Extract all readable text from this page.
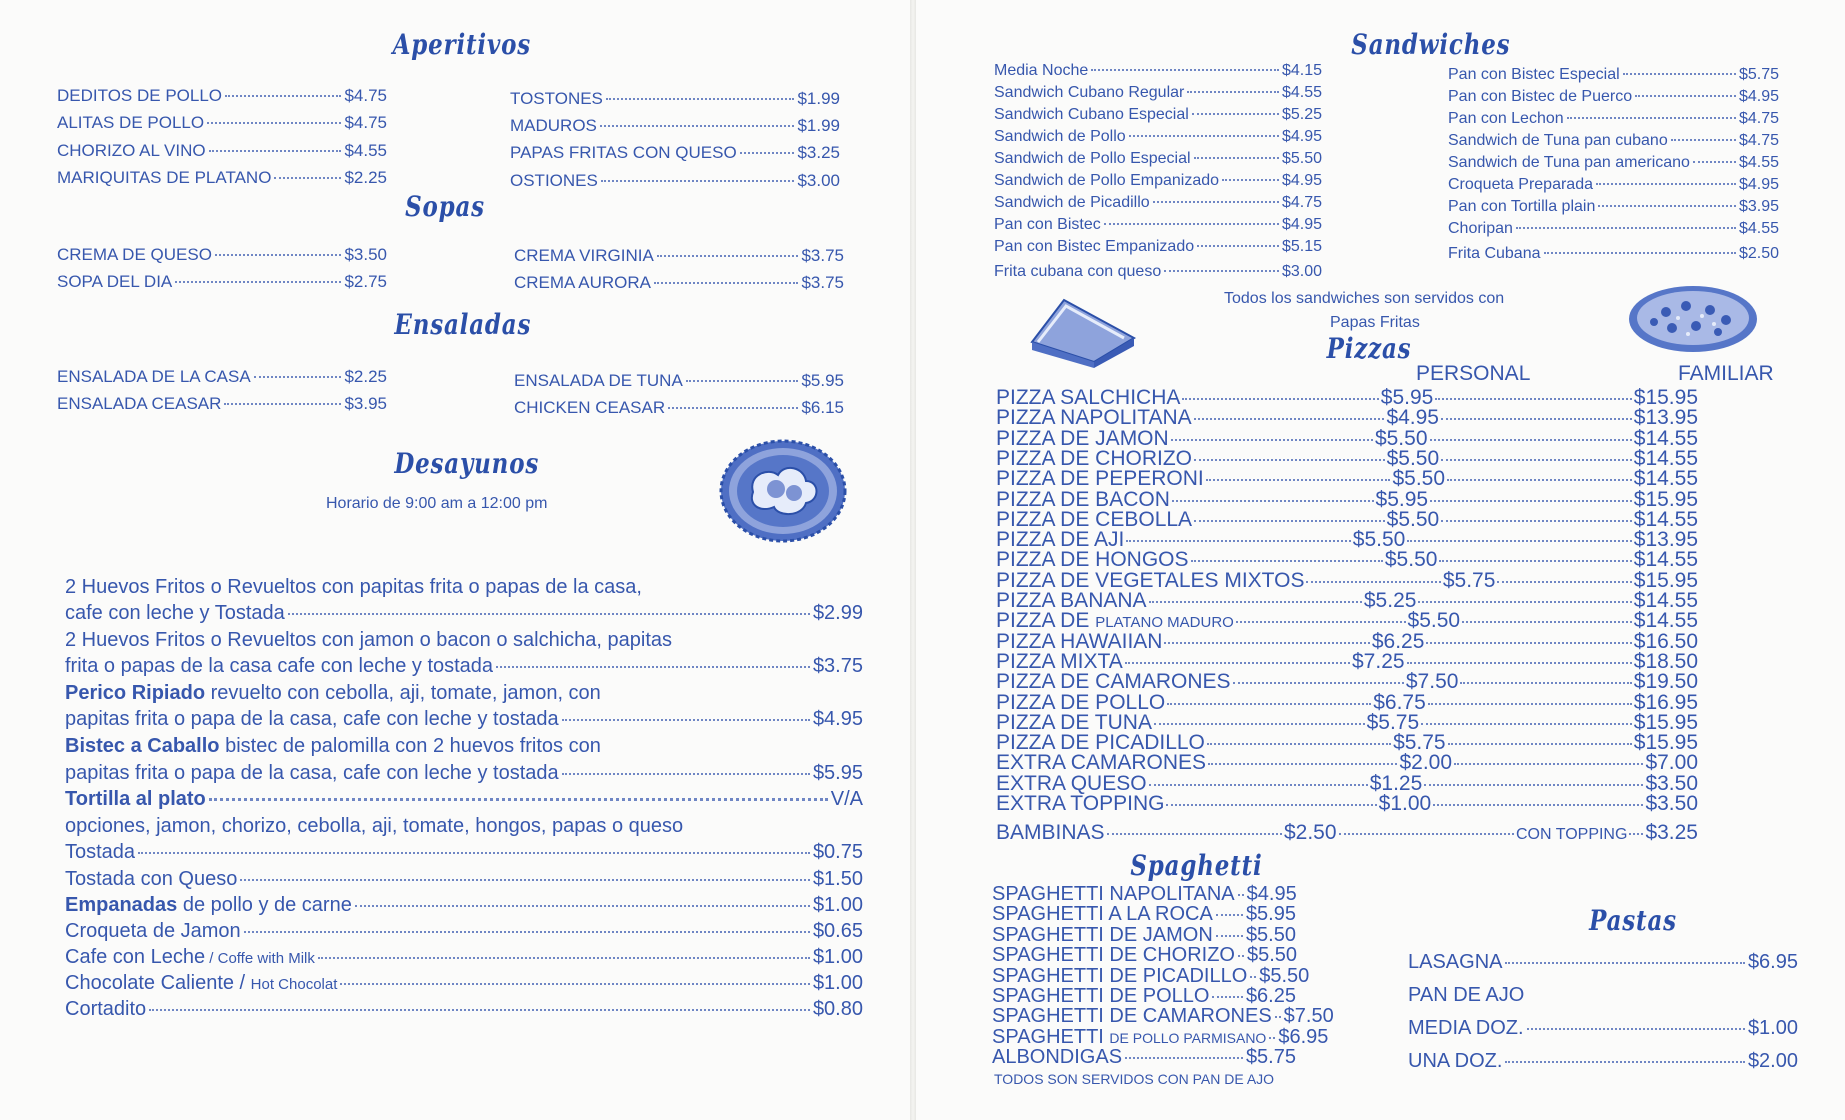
Aperitivos
DEDITOS DE POLLO	$4.75
ALITAS DE POLLO	$4.75
CHORIZO AL VINO	$4.55
MARIQUITAS DE PLATANO	$2.25
TOSTONES	$1.99
MADUROS	$1.99
PAPAS FRITAS CON QUESO	$3.25
OSTIONES	$3.00
Sopas
CREMA DE QUESO	$3.50
SOPA DEL DIA	$2.75
CREMA VIRGINIA	$3.75
CREMA AURORA	$3.75
Ensaladas
ENSALADA DE LA CASA	$2.25
ENSALADA CEASAR	$3.95
ENSALADA DE TUNA	$5.95
CHICKEN CEASAR	$6.15
Desayunos
Horario de 9:00 am a 12:00 pm
2 Huevos Fritos o Revueltos con papitas frita o papas de la casa,
cafe con leche y Tostada	$2.99
2 Huevos Fritos o Revueltos con jamon o bacon o salchicha, papitas
frita o papas de la casa cafe con leche y tostada	$3.75
Perico Ripiado revuelto con cebolla, aji, tomate, jamon, con
papitas frita o papa de la casa, cafe con leche y tostada	$4.95
Bistec a Caballo bistec de palomilla con 2 huevos fritos con
papitas frita o papa de la casa, cafe con leche y tostada	$5.95
Tortilla al plato	V/A
opciones, jamon, chorizo, cebolla, aji, tomate, hongos, papas o queso
Tostada	$0.75
Tostada con Queso	$1.50
Empanadas de pollo y de carne	$1.00
Croqueta de Jamon	$0.65
Cafe con Leche / Coffe with Milk	$1.00
Chocolate Caliente / Hot Chocolat	$1.00
Cortadito	$0.80
Sandwiches
Media Noche	$4.15
Sandwich Cubano Regular	$4.55
Sandwich Cubano Especial	$5.25
Sandwich de Pollo	$4.95
Sandwich de Pollo Especial	$5.50
Sandwich de Pollo Empanizado	$4.95
Sandwich de Picadillo	$4.75
Pan con Bistec	$4.95
Pan con Bistec Empanizado	$5.15
Frita cubana con queso	$3.00
Pan con Bistec Especial	$5.75
Pan con Bistec de Puerco	$4.95
Pan con Lechon	$4.75
Sandwich de Tuna pan cubano	$4.75
Sandwich de Tuna pan americano	$4.55
Croqueta Preparada	$4.95
Pan con Tortilla plain	$3.95
Choripan	$4.55
Frita Cubana	$2.50
Todos los sandwiches son servidos con
Papas Fritas
Pizzas
PERSONAL	FAMILIAR
PIZZA SALCHICHA	$5.95	$15.95
PIZZA NAPOLITANA	$4.95	$13.95
PIZZA DE JAMON	$5.50	$14.55
PIZZA DE CHORIZO	$5.50	$14.55
PIZZA DE PEPERONI	$5.50	$14.55
PIZZA DE BACON	$5.95	$15.95
PIZZA DE CEBOLLA	$5.50	$14.55
PIZZA DE AJI	$5.50	$13.95
PIZZA DE HONGOS	$5.50	$14.55
PIZZA DE VEGETALES MIXTOS	$5.75	$15.95
PIZZA BANANA	$5.25	$14.55
PIZZA DE PLATANO MADURO	$5.50	$14.55
PIZZA HAWAIIAN	$6.25	$16.50
PIZZA MIXTA	$7.25	$18.50
PIZZA DE CAMARONES	$7.50	$19.50
PIZZA DE POLLO	$6.75	$16.95
PIZZA DE TUNA	$5.75	$15.95
PIZZA DE PICADILLO	$5.75	$15.95
EXTRA CAMARONES	$2.00	$7.00
EXTRA QUESO	$1.25	$3.50
EXTRA TOPPING	$1.00	$3.50
BAMBINAS	$2.50	CON TOPPING $3.25
Spaghetti
SPAGHETTI NAPOLITANA $4.95
SPAGHETTI A LA ROCA $5.95
SPAGHETTI DE JAMON $5.50
SPAGHETTI DE CHORIZO $5.50
SPAGHETTI DE PICADILLO $5.50
SPAGHETTI DE POLLO $6.25
SPAGHETTI DE CAMARONES $7.50
SPAGHETTI DE POLLO PARMISANO $6.95
ALBONDIGAS	$5.75
TODOS SON SERVIDOS CON PAN DE AJO
Pastas
LASAGNA	$6.95
PAN DE AJO
MEDIA DOZ.	$1.00
UNA DOZ.	$2.00
